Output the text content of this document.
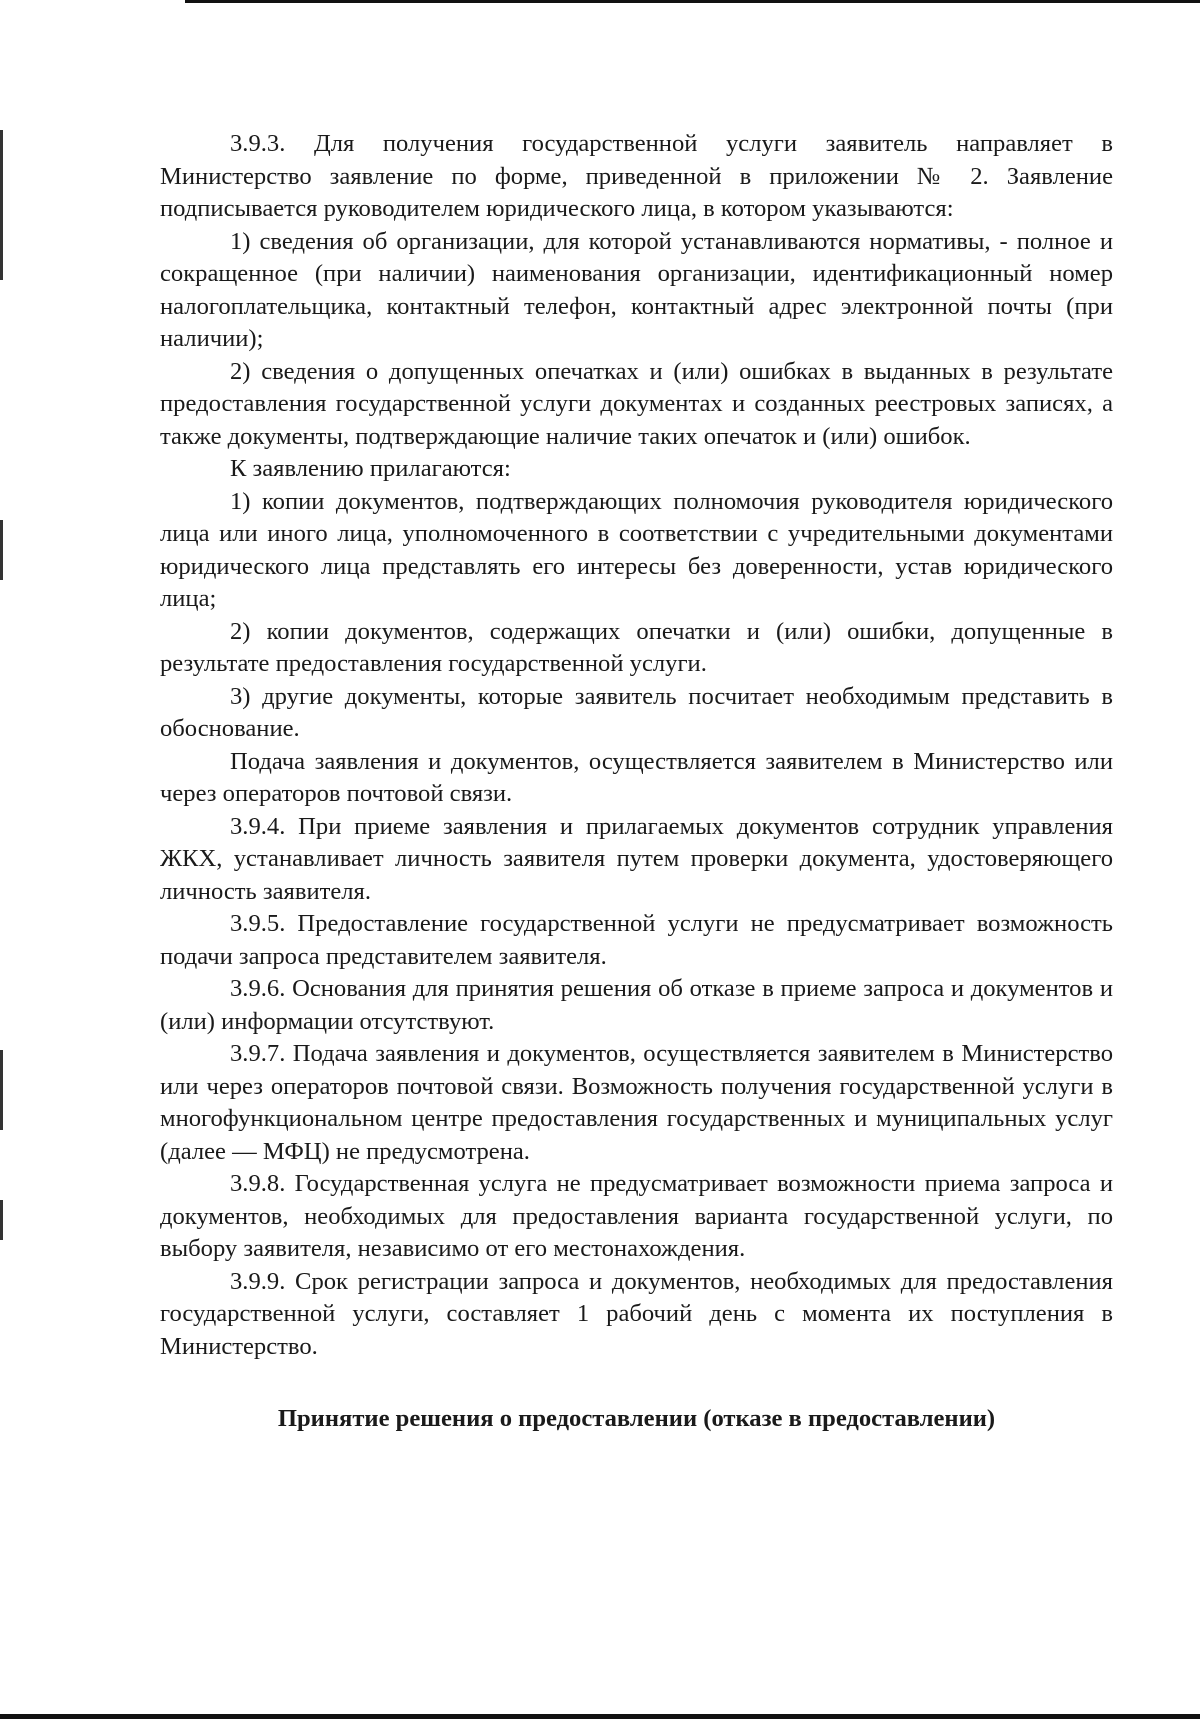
3.9.3. Для получения государственной услуги заявитель направляет в Министерство заявление по форме, приведенной в приложении № 2. Заявление подписывается руководителем юридического лица, в котором указываются:

1) сведения об организации, для которой устанавливаются нормативы, - полное и сокращенное (при наличии) наименования организации, идентификационный номер налогоплательщика, контактный телефон, контактный адрес электронной почты (при наличии);

2) сведения о допущенных опечатках и (или) ошибках в выданных в результате предоставления государственной услуги документах и созданных реестровых записях, а также документы, подтверждающие наличие таких опечаток и (или) ошибок.

К заявлению прилагаются:

1) копии документов, подтверждающих полномочия руководителя юридического лица или иного лица, уполномоченного в соответствии с учредительными документами юридического лица представлять его интересы без доверенности, устав юридического лица;

2) копии документов, содержащих опечатки и (или) ошибки, допущенные в результате предоставления государственной услуги.

3) другие документы, которые заявитель посчитает необходимым представить в обоснование.

Подача заявления и документов, осуществляется заявителем в Министерство или через операторов почтовой связи.

3.9.4. При приеме заявления и прилагаемых документов сотрудник управления ЖКХ, устанавливает личность заявителя путем проверки документа, удостоверяющего личность заявителя.

3.9.5. Предоставление государственной услуги не предусматривает возможность подачи запроса представителем заявителя.

3.9.6. Основания для принятия решения об отказе в приеме запроса и документов и (или) информации отсутствуют.

3.9.7. Подача заявления и документов, осуществляется заявителем в Министерство или через операторов почтовой связи. Возможность получения государственной услуги в многофункциональном центре предоставления государственных и муниципальных услуг (далее — МФЦ) не предусмотрена.

3.9.8. Государственная услуга не предусматривает возможности приема запроса и документов, необходимых для предоставления варианта государственной услуги, по выбору заявителя, независимо от его местонахождения.

3.9.9. Срок регистрации запроса и документов, необходимых для предоставления государственной услуги, составляет 1 рабочий день с момента их поступления в Министерство.

Принятие решения о предоставлении (отказе в предоставлении)
